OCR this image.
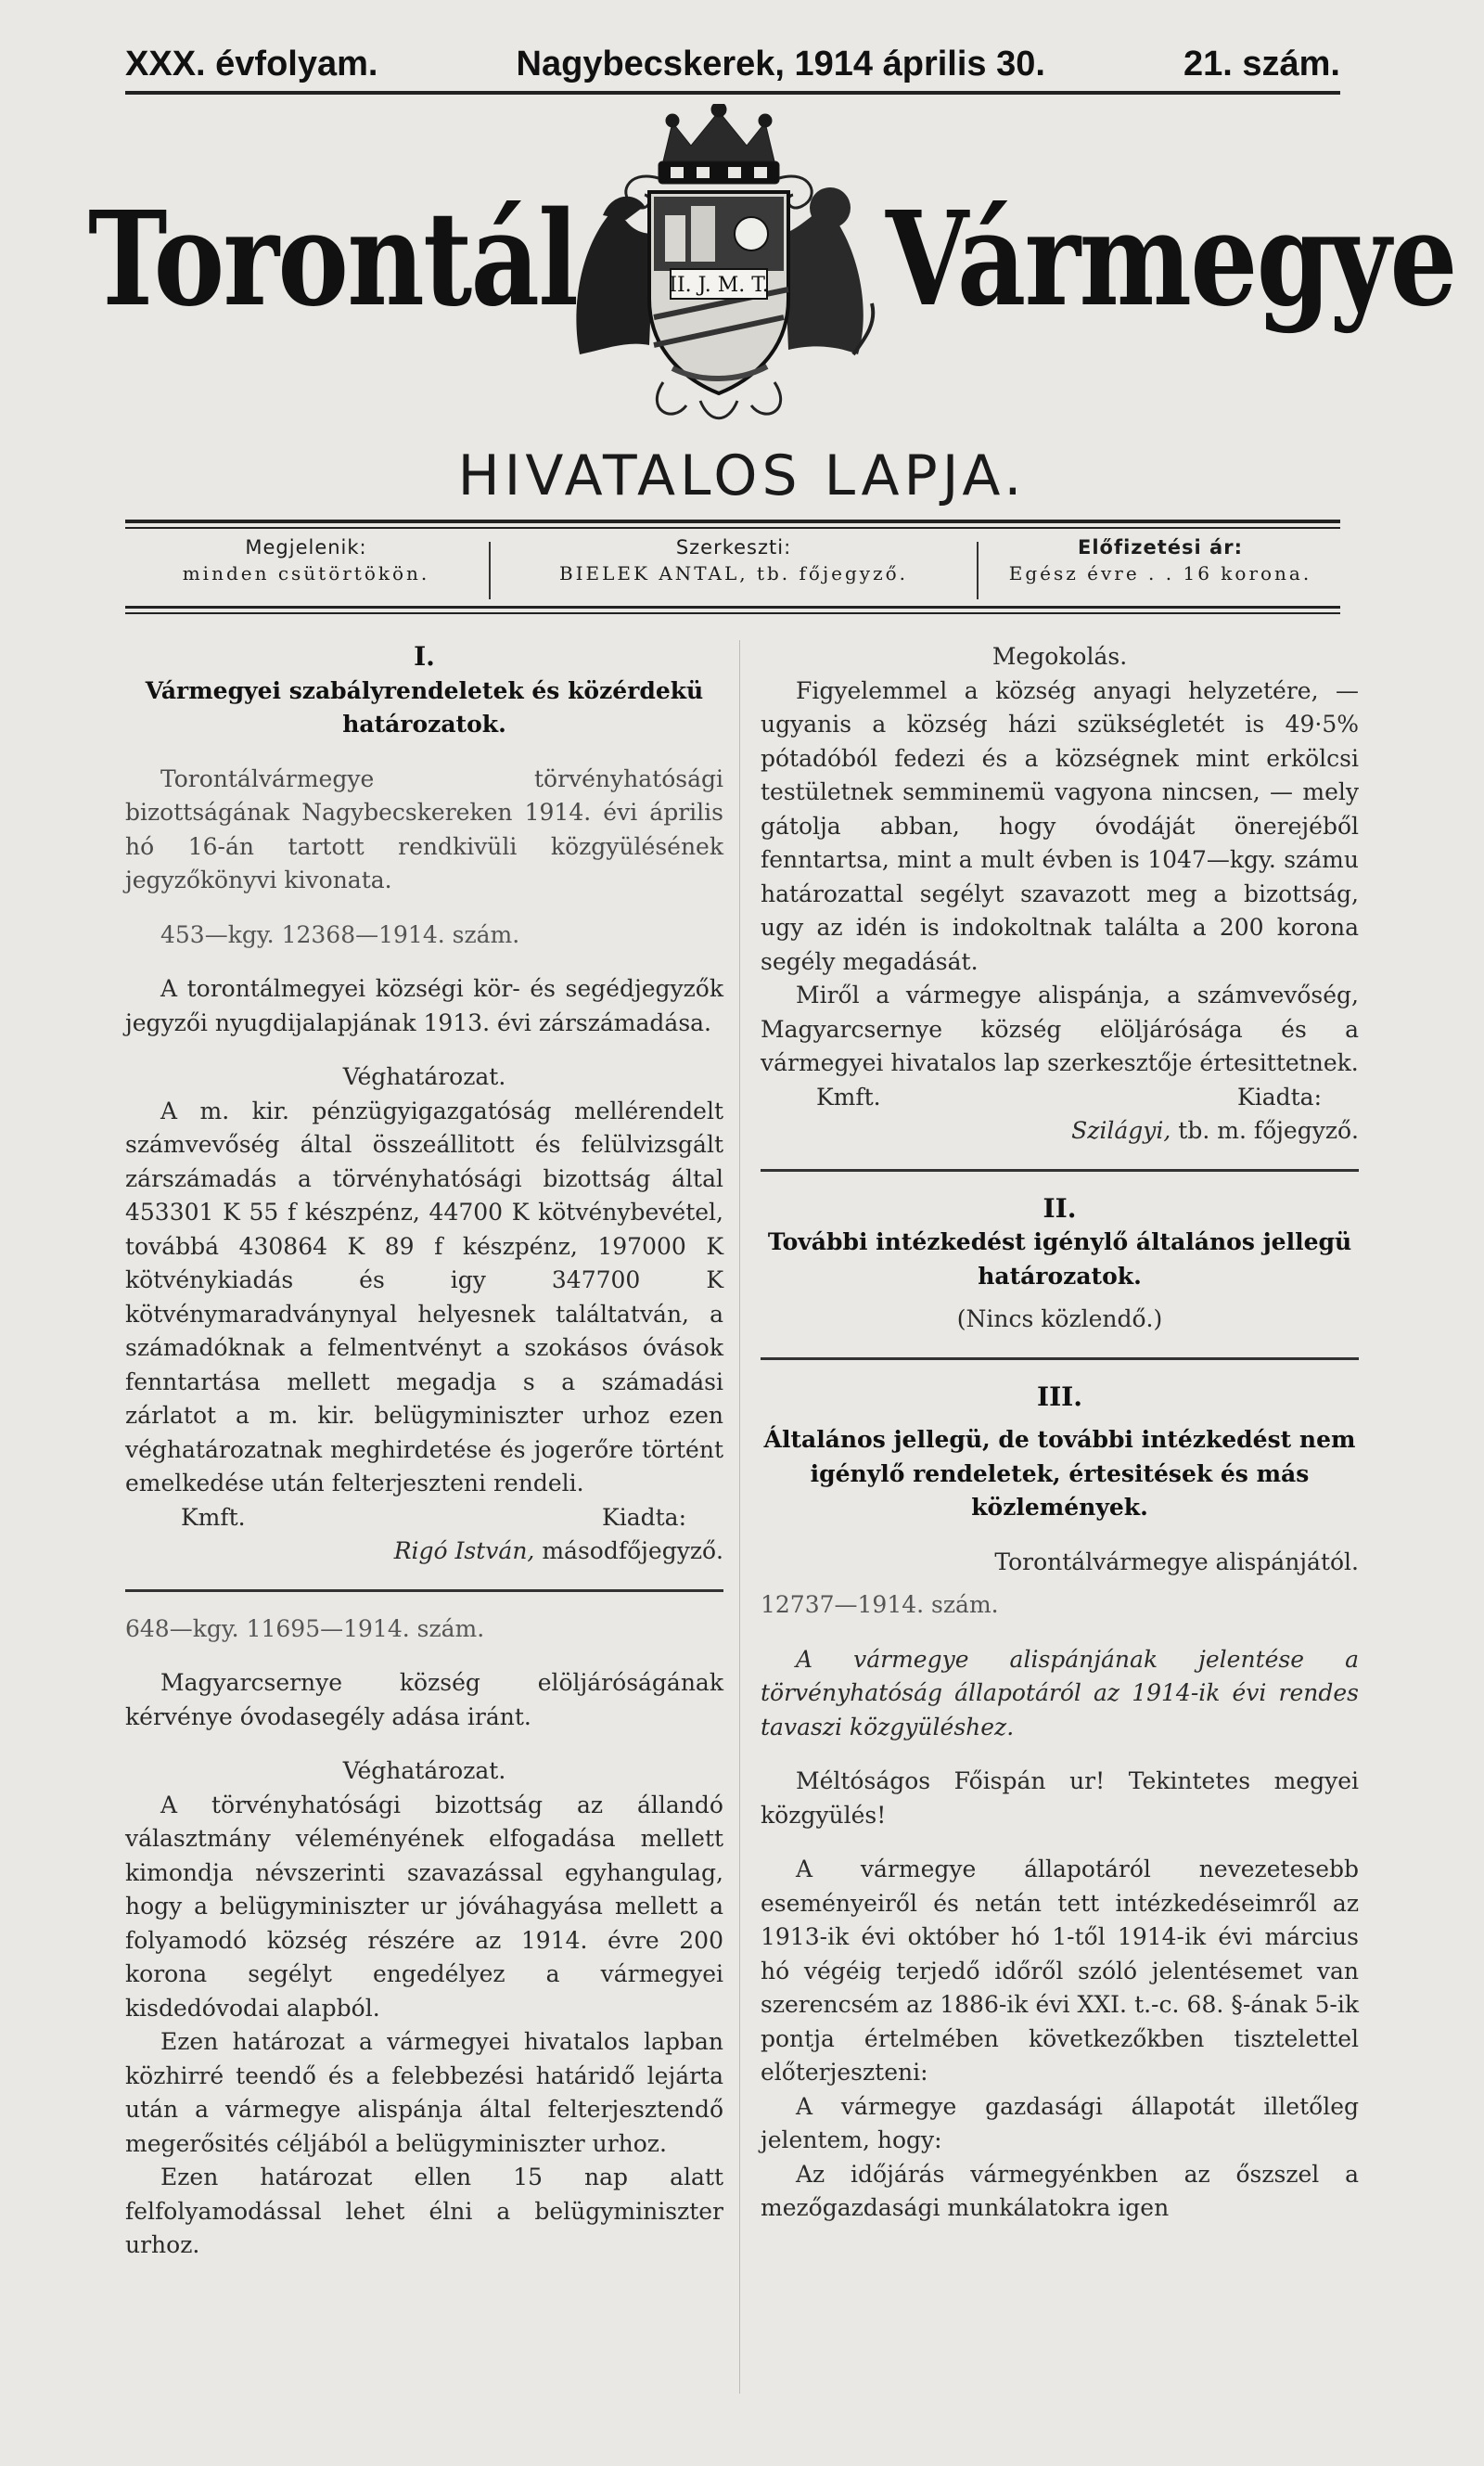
XXX. évfolyam.	Nagybecskerek, 1914 április 30.	21. szám.
Torontál	II. J. M. T. Vármegye
HIVATALOS LAPJA.
Megjelenik:
minden csütörtökön.
Szerkeszti:
BIELEK ANTAL, tb. főjegyző.
Előfizetési ár:
Egész évre . . 16 korona.

I.

Vármegyei szabályrendeletek és közérdekü határozatok.

Torontálvármegye törvényhatósági bizottságának Nagybecskereken 1914. évi április hó 16-án tartott rendkivüli közgyülésének jegyzőkönyvi kivonata.

453—kgy. 12368—1914. szám.

A torontálmegyei községi kör- és segédjegyzők jegyzői nyugdijalapjának 1913. évi zárszámadása.

Véghatározat.

A m. kir. pénzügyigazgatóság mellérendelt számvevőség által összeállitott és felülvizsgált zárszámadás a törvényhatósági bizottság által 453301 K 55 f készpénz, 44700 K kötvénybevétel, továbbá 430864 K 89 f készpénz, 197000 K kötvénykiadás és igy 347700 K kötvénymaradványnyal helyesnek találtatván, a számadóknak a felmentvényt a szokásos óvások fenntartása mellett megadja s a számadási zárlatot a m. kir. belügyminiszter urhoz ezen véghatározatnak meghirdetése és jogerőre történt emelkedése után felterjeszteni rendeli.

Kmft.	Kiadta:

Rigó István, másodfőjegyző.

648—kgy. 11695—1914. szám.

Magyarcsernye község elöljáróságának kérvénye óvodasegély adása iránt.

Véghatározat.

A törvényhatósági bizottság az állandó választmány véleményének elfogadása mellett kimondja névszerinti szavazással egyhangulag, hogy a belügyminiszter ur jóváhagyása mellett a folyamodó község részére az 1914. évre 200 korona segélyt engedélyez a vármegyei kisdedóvodai alapból.

Ezen határozat a vármegyei hivatalos lapban közhirré teendő és a felebbezési határidő lejárta után a vármegye alispánja által felterjesztendő megerősités céljából a belügyminiszter urhoz.

Ezen határozat ellen 15 nap alatt felfolyamodással lehet élni a belügyminiszter urhoz.

Megokolás.

Figyelemmel a község anyagi helyzetére, — ugyanis a község házi szükségletét is 49·5% pótadóból fedezi és a községnek mint erkölcsi testületnek semminemü vagyona nincsen, — mely gátolja abban, hogy óvodáját önerejéből fenntartsa, mint a mult évben is 1047—kgy. számu határozattal segélyt szavazott meg a bizottság, ugy az idén is indokoltnak találta a 200 korona segély megadását.

Miről a vármegye alispánja, a számvevőség, Magyarcsernye község elöljárósága és a vármegyei hivatalos lap szerkesztője értesittetnek.

Kmft.	Kiadta:

Szilágyi, tb. m. főjegyző.

II.

További intézkedést igénylő általános jellegü határozatok.

(Nincs közlendő.)

III.

Általános jellegü, de további intézkedést nem igénylő rendeletek, értesitések és más közlemények.

Torontálvármegye alispánjától.

12737—1914. szám.

A vármegye alispánjának jelentése a törvényhatóság állapotáról az 1914-ik évi rendes tavaszi közgyüléshez.

Méltóságos Főispán ur! Tekintetes megyei közgyülés!

A vármegye állapotáról nevezetesebb eseményeiről és netán tett intézkedéseimről az 1913-ik évi október hó 1-től 1914-ik évi március hó végéig terjedő időről szóló jelentésemet van szerencsém az 1886-ik évi XXI. t.-c. 68. §-ának 5-ik pontja értelmében következőkben tisztelettel előterjeszteni:

A vármegye gazdasági állapotát illetőleg jelentem, hogy:

Az időjárás vármegyénkben az őszszel a mezőgazdasági munkálatokra igen
